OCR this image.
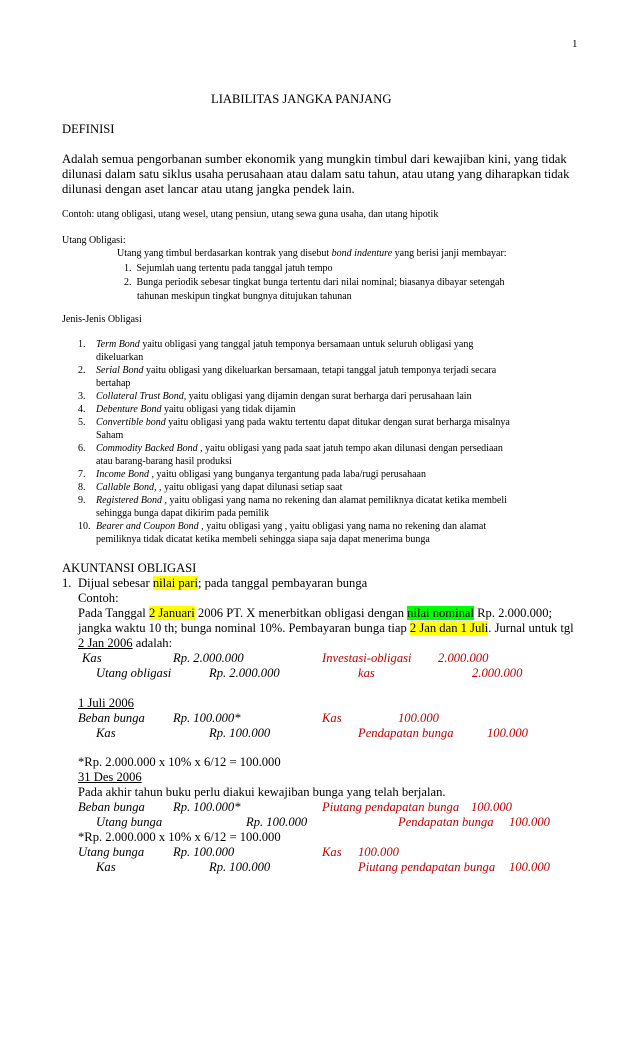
1
LIABILITAS JANGKA PANJANG
DEFINISI
Adalah semua pengorbanan sumber ekonomik yang mungkin timbul dari kewajiban kini, yang tidak
dilunasi dalam satu siklus usaha perusahaan atau dalam satu tahun, atau utang yang diharapkan tidak
dilunasi dengan aset lancar atau utang jangka pendek lain.
Contoh: utang obligasi, utang wesel, utang pensiun, utang sewa guna usaha, dan utang hipotik
Utang Obligasi:
Utang yang timbul berdasarkan kontrak yang disebut bond indenture yang berisi janji membayar:
1. Sejumlah uang tertentu pada tanggal jatuh tempo
2. Bunga periodik sebesar tingkat bunga tertentu dari nilai nominal; biasanya dibayar setengah
tahunan meskipun tingkat bungnya ditujukan tahunan
Jenis-Jenis Obligasi
1. Term Bond yaitu obligasi yang tanggal jatuh temponya bersamaan untuk seluruh obligasi yang
dikeluarkan
2. Serial Bond yaitu obligasi yang dikeluarkan bersamaan, tetapi tanggal jatuh temponya terjadi secara
bertahap
3. Collateral Trust Bond, yaitu obligasi yang dijamin dengan surat berharga dari perusahaan lain
4. Debenture Bond yaitu obligasi yang tidak dijamin
5. Convertible bond yaitu obligasi yang pada waktu tertentu dapat ditukar dengan surat berharga misalnya
Saham
6. Commodity Backed Bond , yaitu obligasi yang pada saat jatuh tempo akan dilunasi dengan persediaan
atau barang-barang hasil produksi
7. Income Bond , yaitu obligasi yang bunganya tergantung pada laba/rugi perusahaan
8. Callable Bond, , yaitu obligasi yang dapat dilunasi setiap saat
9. Registered Bond , yaitu obligasi yang nama no rekening dan alamat pemiliknya dicatat ketika membeli
sehingga bunga dapat dikirim pada pemilik
10. Bearer and Coupon Bond , yaitu obligasi yang , yaitu obligasi yang nama no rekening dan alamat
pemiliknya tidak dicatat ketika membeli sehingga siapa saja dapat menerima bunga
AKUNTANSI OBLIGASI
1. Dijual sebesar nilai pari; pada tanggal pembayaran bunga
Contoh:
Pada Tanggal 2 Januari 2006 PT. X menerbitkan obligasi dengan nilai nominal Rp. 2.000.000;
jangka waktu 10 th; bunga nominal 10%. Pembayaran bunga tiap 2 Jan dan 1 Juli. Jurnal untuk tgl
2 Jan 2006 adalah:
Kas	Rp. 2.000.000	Investasi-obligasi 2.000.000
Utang obligasi	Rp. 2.000.000	kas	2.000.000
1 Juli 2006
Beban bunga Rp. 100.000*	Kas	100.000
Kas	Rp. 100.000	Pendapatan bunga	100.000
*Rp. 2.000.000 x 10% x 6/12 = 100.000
31 Des 2006
Pada akhir tahun buku perlu diakui kewajiban bunga yang telah berjalan.
Beban bunga Rp. 100.000*	Piutang pendapatan bunga 100.000
Utang bunga	Rp. 100.000	Pendapatan bunga 100.000
*Rp. 2.000.000 x 10% x 6/12 = 100.000
Utang bunga Rp. 100.000	Kas 100.000
Kas	Rp. 100.000	Piutang pendapatan bunga 100.000
